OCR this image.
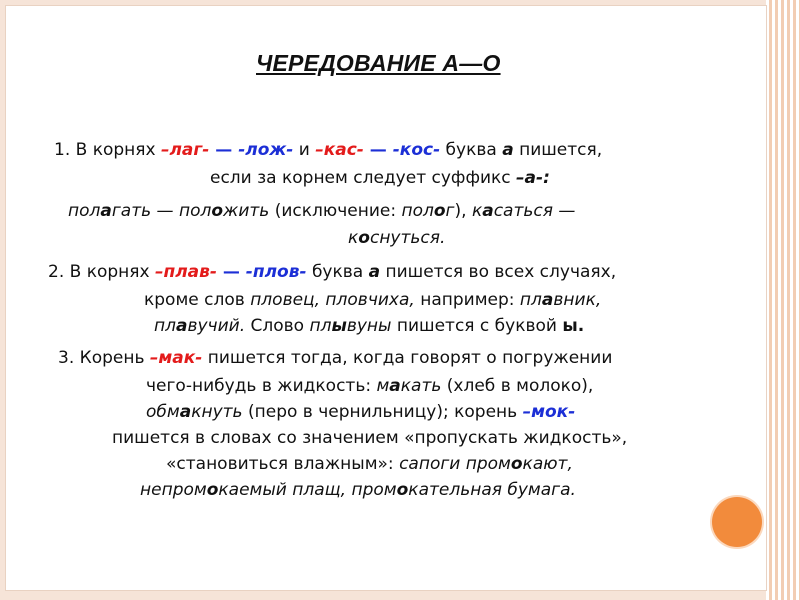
ЧЕРЕДОВАНИЕ А—О
1. В корнях –лаг- — -лож- и –кас- — -кос- буква а пишется,
если за корнем следует суффикс –а-:
полагать — положить (исключение: полог), касаться —
коснуться.
2. В корнях –плав- — -плов- буква а пишется во всех случаях,
кроме слов пловец, пловчиха, например: плавник,
плавучий. Слово плывуны пишется с буквой ы.
3. Корень –мак- пишется тогда, когда говорят о погружении
чего-нибудь в жидкость: макать (хлеб в молоко),
обмакнуть (перо в чернильницу); корень –мок-
пишется в словах со значением «пропускать жидкость»,
«становиться влажным»: сапоги промокают,
непромокаемый плащ, промокательная бумага.
